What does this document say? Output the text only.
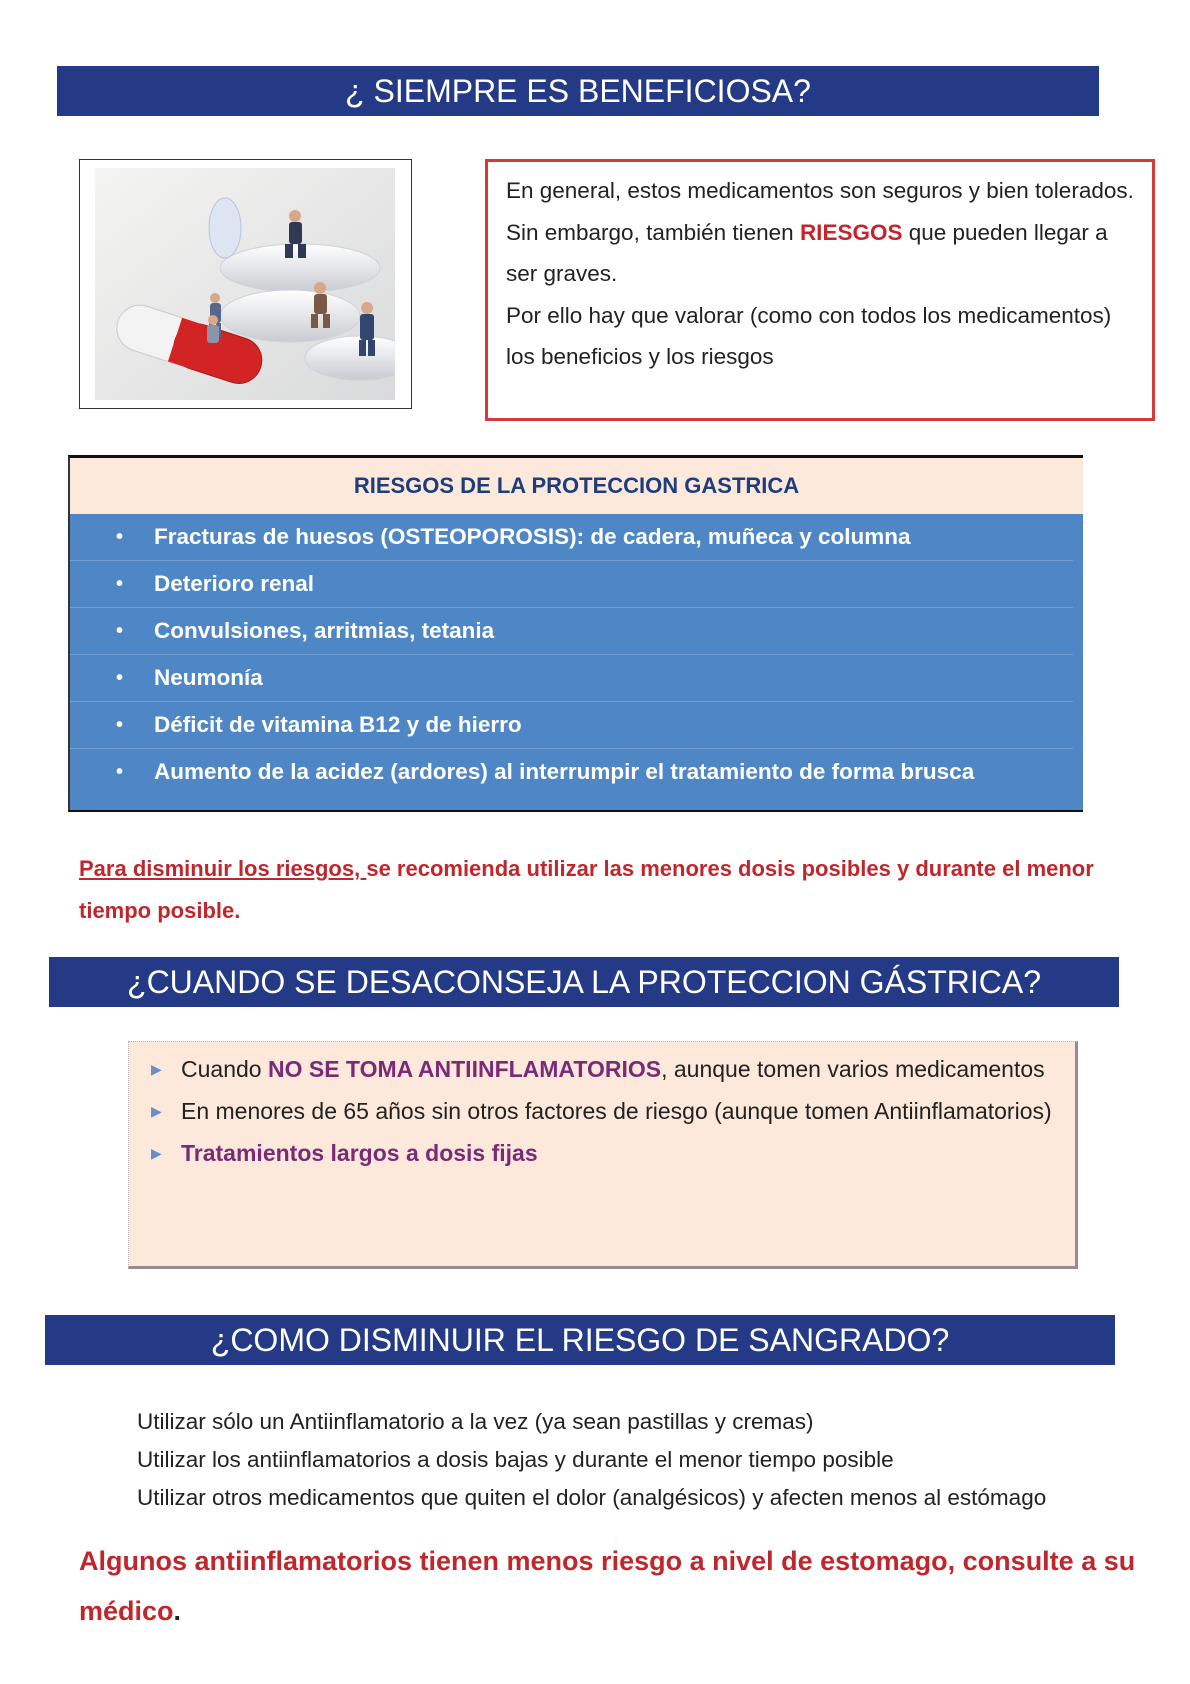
¿ SIEMPRE ES BENEFICIOSA?

En general, estos medicamentos son seguros y bien tolerados.

Sin embargo, también tienen RIESGOS que pueden llegar a ser graves.

Por ello hay que valorar (como con todos los medicamentos) los beneficios y los riesgos

RIESGOS DE LA PROTECCION GASTRICA
• Fracturas de huesos (OSTEOPOROSIS): de cadera, muñeca y columna
• Deterioro renal
• Convulsiones, arritmias, tetania
• Neumonía
• Déficit de vitamina B12 y de hierro
• Aumento de la acidez (ardores) al interrumpir el tratamiento de forma brusca
Para disminuir los riesgos, se recomienda utilizar las menores dosis posibles y durante el menor tiempo posible.
¿CUANDO SE DESACONSEJA LA PROTECCION GÁSTRICA?
▶ Cuando NO SE TOMA ANTIINFLAMATORIOS, aunque tomen varios medicamentos
▶ En menores de 65 años sin otros factores de riesgo (aunque tomen Antiinflamatorios)
▶ Tratamientos largos a dosis fijas
¿COMO DISMINUIR EL RIESGO DE SANGRADO?
Utilizar sólo un Antiinflamatorio a la vez (ya sean pastillas y cremas)
Utilizar los antiinflamatorios a dosis bajas y durante el menor tiempo posible
Utilizar otros medicamentos que quiten el dolor (analgésicos) y afecten menos al estómago
Algunos antiinflamatorios tienen menos riesgo a nivel de estomago, consulte a su médico.
